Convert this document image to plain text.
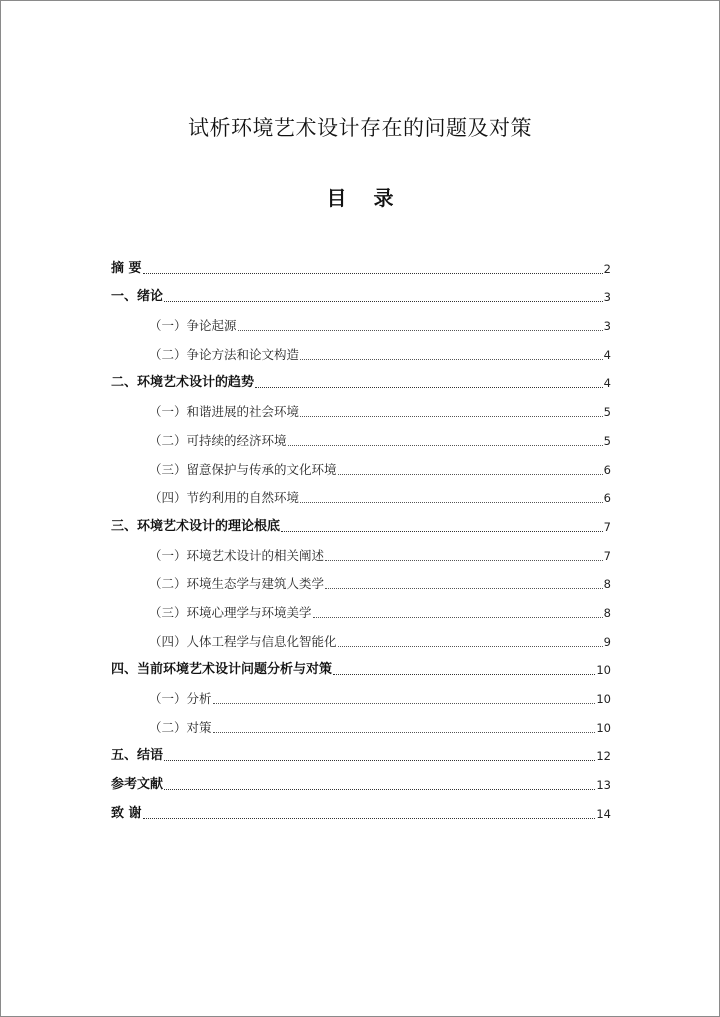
试析环境艺术设计存在的问题及对策
目 录
摘 要	2
一、绪论	3
（一）争论起源	3
（二）争论方法和论文构造	4
二、环境艺术设计的趋势	4
（一）和谐进展的社会环境	5
（二）可持续的经济环境	5
（三）留意保护与传承的文化环境	6
（四）节约利用的自然环境	6
三、环境艺术设计的理论根底	7
（一）环境艺术设计的相关阐述	7
（二）环境生态学与建筑人类学	8
（三）环境心理学与环境美学	8
（四）人体工程学与信息化智能化	9
四、当前环境艺术设计问题分析与对策	10
（一）分析	10
（二）对策	10
五、结语	12
参考文献	13
致 谢	14
